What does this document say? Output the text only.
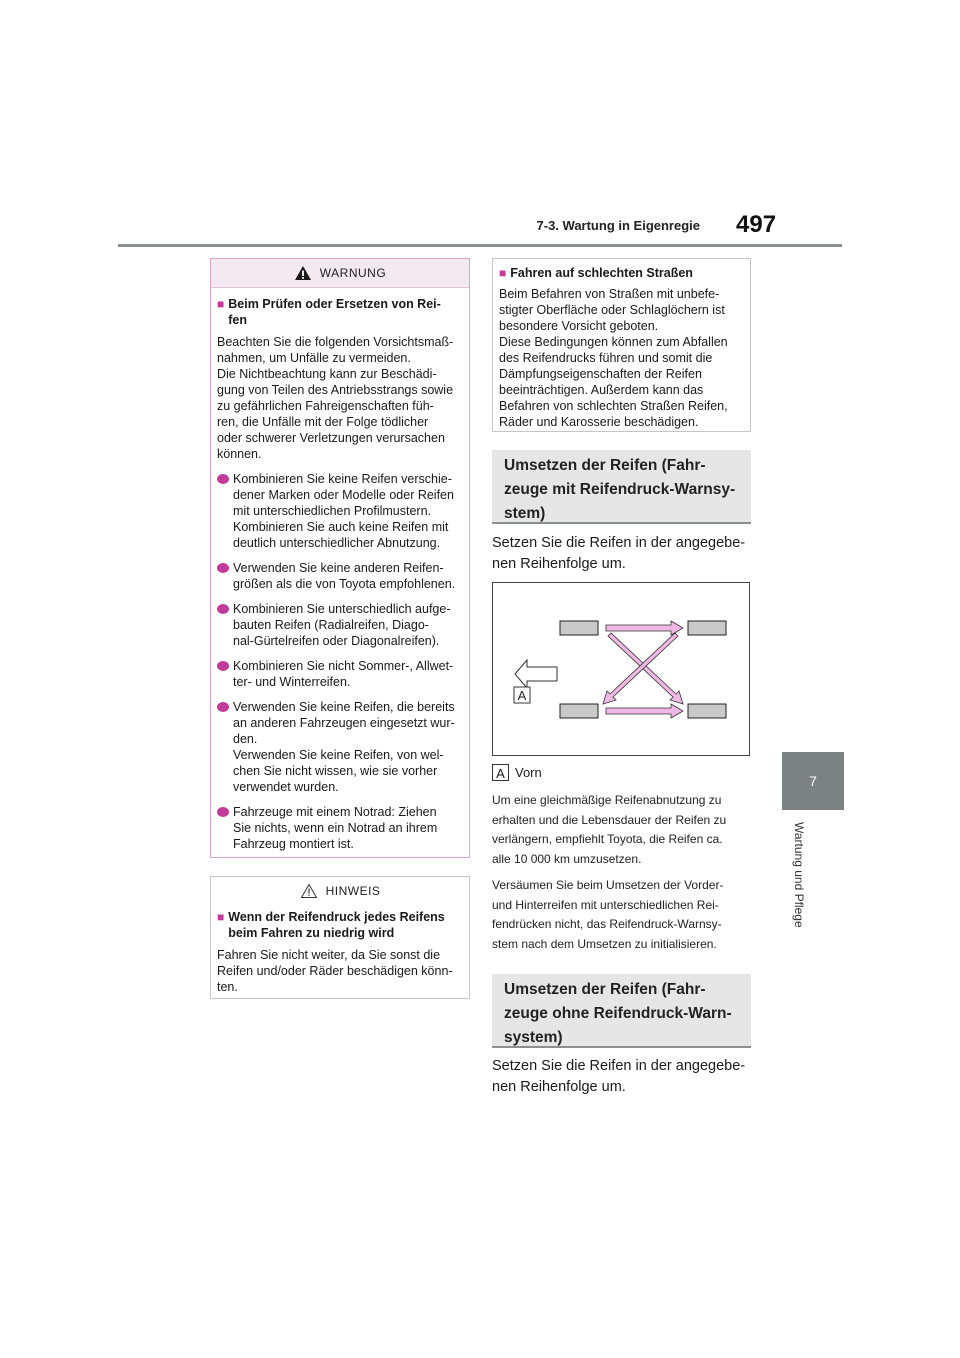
7-3. Wartung in Eigenregie 497
7
Wartung und Pflege
WARNUNG
■ Beim Prüfen oder Ersetzen von Rei-
fen
Beachten Sie die folgenden Vorsichtsmaß-
nahmen, um Unfälle zu vermeiden.
Die Nichtbeachtung kann zur Beschädi-
gung von Teilen des Antriebsstrangs sowie
zu gefährlichen Fahreigenschaften füh-
ren, die Unfälle mit der Folge tödlicher
oder schwerer Verletzungen verursachen
können.
Kombinieren Sie keine Reifen verschie-
dener Marken oder Modelle oder Reifen
mit unterschiedlichen Profilmustern.
Kombinieren Sie auch keine Reifen mit
deutlich unterschiedlicher Abnutzung.
Verwenden Sie keine anderen Reifen-
größen als die von Toyota empfohlenen.
Kombinieren Sie unterschiedlich aufge-
bauten Reifen (Radialreifen, Diago-
nal-Gürtelreifen oder Diagonalreifen).
Kombinieren Sie nicht Sommer-, Allwet-
ter- und Winterreifen.
Verwenden Sie keine Reifen, die bereits
an anderen Fahrzeugen eingesetzt wur-
den.
Verwenden Sie keine Reifen, von wel-
chen Sie nicht wissen, wie sie vorher
verwendet wurden.
Fahrzeuge mit einem Notrad: Ziehen
Sie nichts, wenn ein Notrad an ihrem
Fahrzeug montiert ist.
HINWEIS
■ Wenn der Reifendruck jedes Reifens
beim Fahren zu niedrig wird
Fahren Sie nicht weiter, da Sie sonst die
Reifen und/oder Räder beschädigen könn-
ten.
■ Fahren auf schlechten Straßen
Beim Befahren von Straßen mit unbefe-
stigter Oberfläche oder Schlaglöchern ist
besondere Vorsicht geboten.
Diese Bedingungen können zum Abfallen
des Reifendrucks führen und somit die
Dämpfungseigenschaften der Reifen
beeinträchtigen. Außerdem kann das
Befahren von schlechten Straßen Reifen,
Räder und Karosserie beschädigen.
Umsetzen der Reifen (Fahr-
zeuge mit Reifendruck-Warnsy-
stem)
Setzen Sie die Reifen in der angegebe-
nen Reihenfolge um.
A
A Vorn
Um eine gleichmäßige Reifenabnutzung zu
erhalten und die Lebensdauer der Reifen zu
verlängern, empfiehlt Toyota, die Reifen ca.
alle 10 000 km umzusetzen.
Versäumen Sie beim Umsetzen der Vorder-
und Hinterreifen mit unterschiedlichen Rei-
fendrücken nicht, das Reifendruck-Warnsy-
stem nach dem Umsetzen zu initialisieren.
Umsetzen der Reifen (Fahr-
zeuge ohne Reifendruck-Warn-
system)
Setzen Sie die Reifen in der angegebe-
nen Reihenfolge um.
